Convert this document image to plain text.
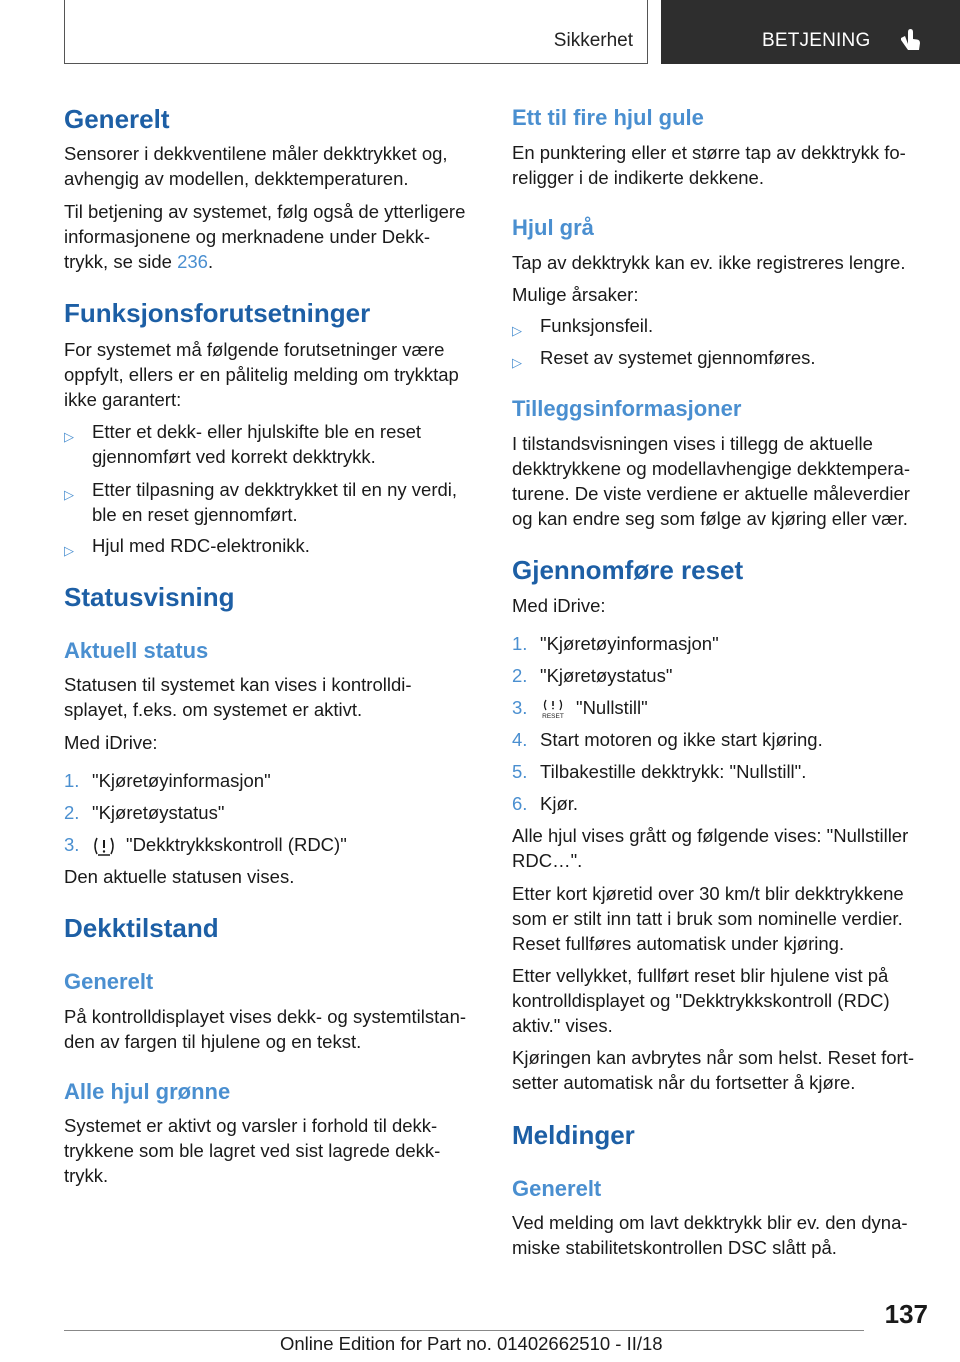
Sikkerhet	BETJENING
Generelt
Sensorer i dekkventilene måler dekktrykket og,
avhengig av modellen, dekktemperaturen.
Til betjening av systemet, følg også de ytterligere
informasjonene og merknadene under Dekk-
trykk, se side 236.
Funksjonsforutsetninger
For systemet må følgende forutsetninger være
oppfylt, ellers er en pålitelig melding om trykktap
ikke garantert:
▷ Etter et dekk- eller hjulskifte ble en reset
gjennomført ved korrekt dekktrykk.
▷ Etter tilpasning av dekktrykket til en ny verdi,
ble en reset gjennomført.
▷ Hjul med RDC-elektronikk.
Statusvisning
Aktuell status
Statusen til systemet kan vises i kontrolldi-
splayet, f.eks. om systemet er aktivt.
Med iDrive:
1. "Kjøretøyinformasjon"
2. "Kjøretøystatus"
3.	"Dekktrykkskontroll (RDC)"
Den aktuelle statusen vises.
Dekktilstand
Generelt
På kontrolldisplayet vises dekk- og systemtilstan-
den av fargen til hjulene og en tekst.
Alle hjul grønne
Systemet er aktivt og varsler i forhold til dekk-
trykkene som ble lagret ved sist lagrede dekk-
trykk.
Ett til fire hjul gule
En punktering eller et større tap av dekktrykk fo-
religger i de indikerte dekkene.
Hjul grå
Tap av dekktrykk kan ev. ikke registreres lengre.
Mulige årsaker:
▷ Funksjonsfeil.
▷ Reset av systemet gjennomføres.
Tilleggsinformasjoner
I tilstandsvisningen vises i tillegg de aktuelle
dekktrykkene og modellavhengige dekktempera-
turene. De viste verdiene er aktuelle måleverdier
og kan endre seg som følge av kjøring eller vær.
Gjennomføre reset
Med iDrive:
1. "Kjøretøyinformasjon"
2. "Kjøretøystatus"
3. RESET "Nullstill"
4. Start motoren og ikke start kjøring.
5. Tilbakestille dekktrykk: "Nullstill".
6. Kjør.
Alle hjul vises grått og følgende vises: "Nullstiller
RDC…".
Etter kort kjøretid over 30 km/t blir dekktrykkene
som er stilt inn tatt i bruk som nominelle verdier.
Reset fullføres automatisk under kjøring.
Etter vellykket, fullført reset blir hjulene vist på
kontrolldisplayet og "Dekktrykkskontroll (RDC)
aktiv." vises.
Kjøringen kan avbrytes når som helst. Reset fort-
setter automatisk når du fortsetter å kjøre.
Meldinger
Generelt
Ved melding om lavt dekktrykk blir ev. den dyna-
miske stabilitetskontrollen DSC slått på.
137
Online Edition for Part no. 01402662510 - II/18
